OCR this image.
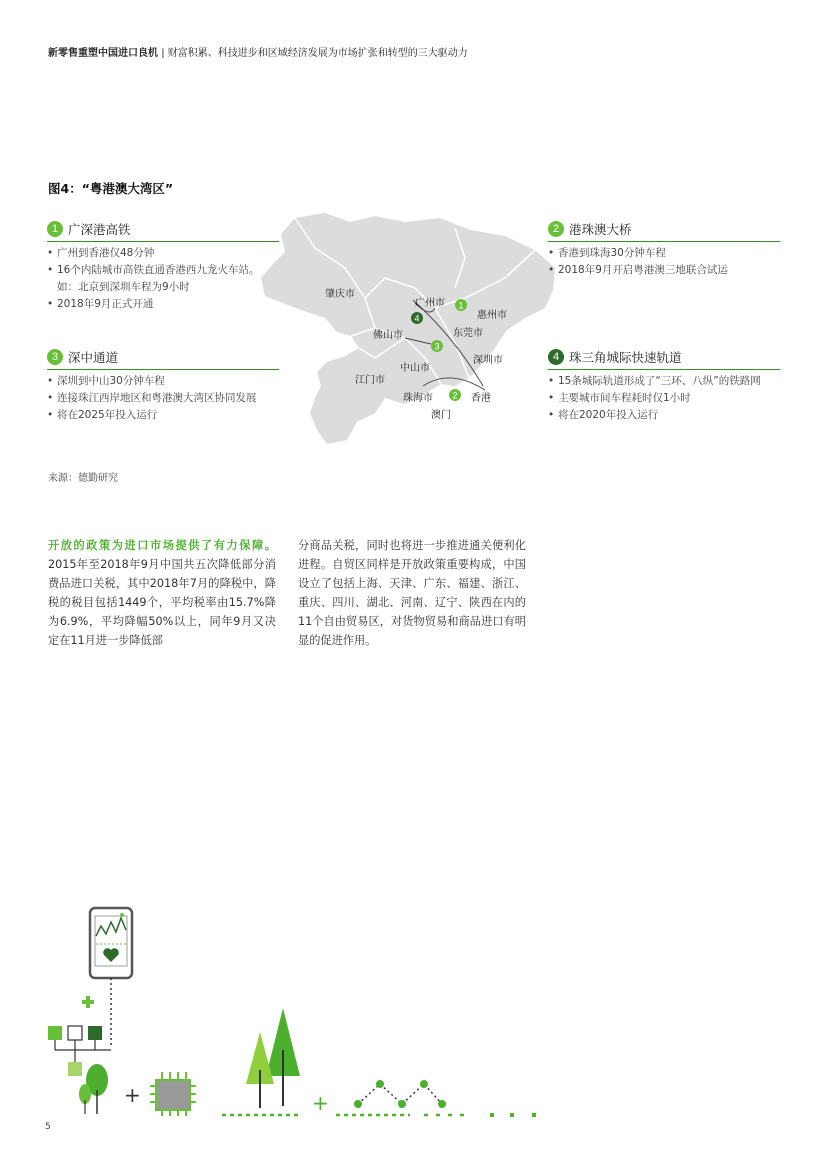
新零售重塑中国进口良机 | 财富积累、科技进步和区域经济发展为市场扩张和转型的三大驱动力
图4：“粤港澳大湾区”
1
2
3
4
肇庆市
广州市
惠州市
佛山市	东莞市
中山市
深圳市
江门市
珠海市	香港
澳门
1 广深港高铁
• 广州到香港仅48分钟
• 16个内陆城市高铁直通香港西九龙火车站。
如：北京到深圳车程为9小时
• 2018年9月正式开通
2 港珠澳大桥
• 香港到珠海30分钟车程
• 2018年9月开启粤港澳三地联合试运
3 深中通道
• 深圳到中山30分钟车程
• 连接珠江西岸地区和粤港澳大湾区协同发展
• 将在2025年投入运行
4 珠三角城际快速轨道
• 15条城际轨道形成了“三环、八纵”的铁路网
• 主要城市间车程耗时仅1小时
• 将在2020年投入运行
来源：德勤研究
开放的政策为进口市场提供了有力保障。2015年至2018年9月中国共五次降低部分消费品进口关税，其中2018年7月的降税中，降税的税目包括1449个，平均税率由15.7%降为6.9%，平均降幅50%以上，同年9月又决定在11月进一步降低部
分商品关税，同时也将进一步推进通关便利化进程。自贸区同样是开放政策重要构成，中国设立了包括上海、天津、广东、福建、浙江、重庆、四川、湖北、河南、辽宁、陕西在内的11个自由贸易区，对货物贸易和商品进口有明显的促进作用。
+	+
5
